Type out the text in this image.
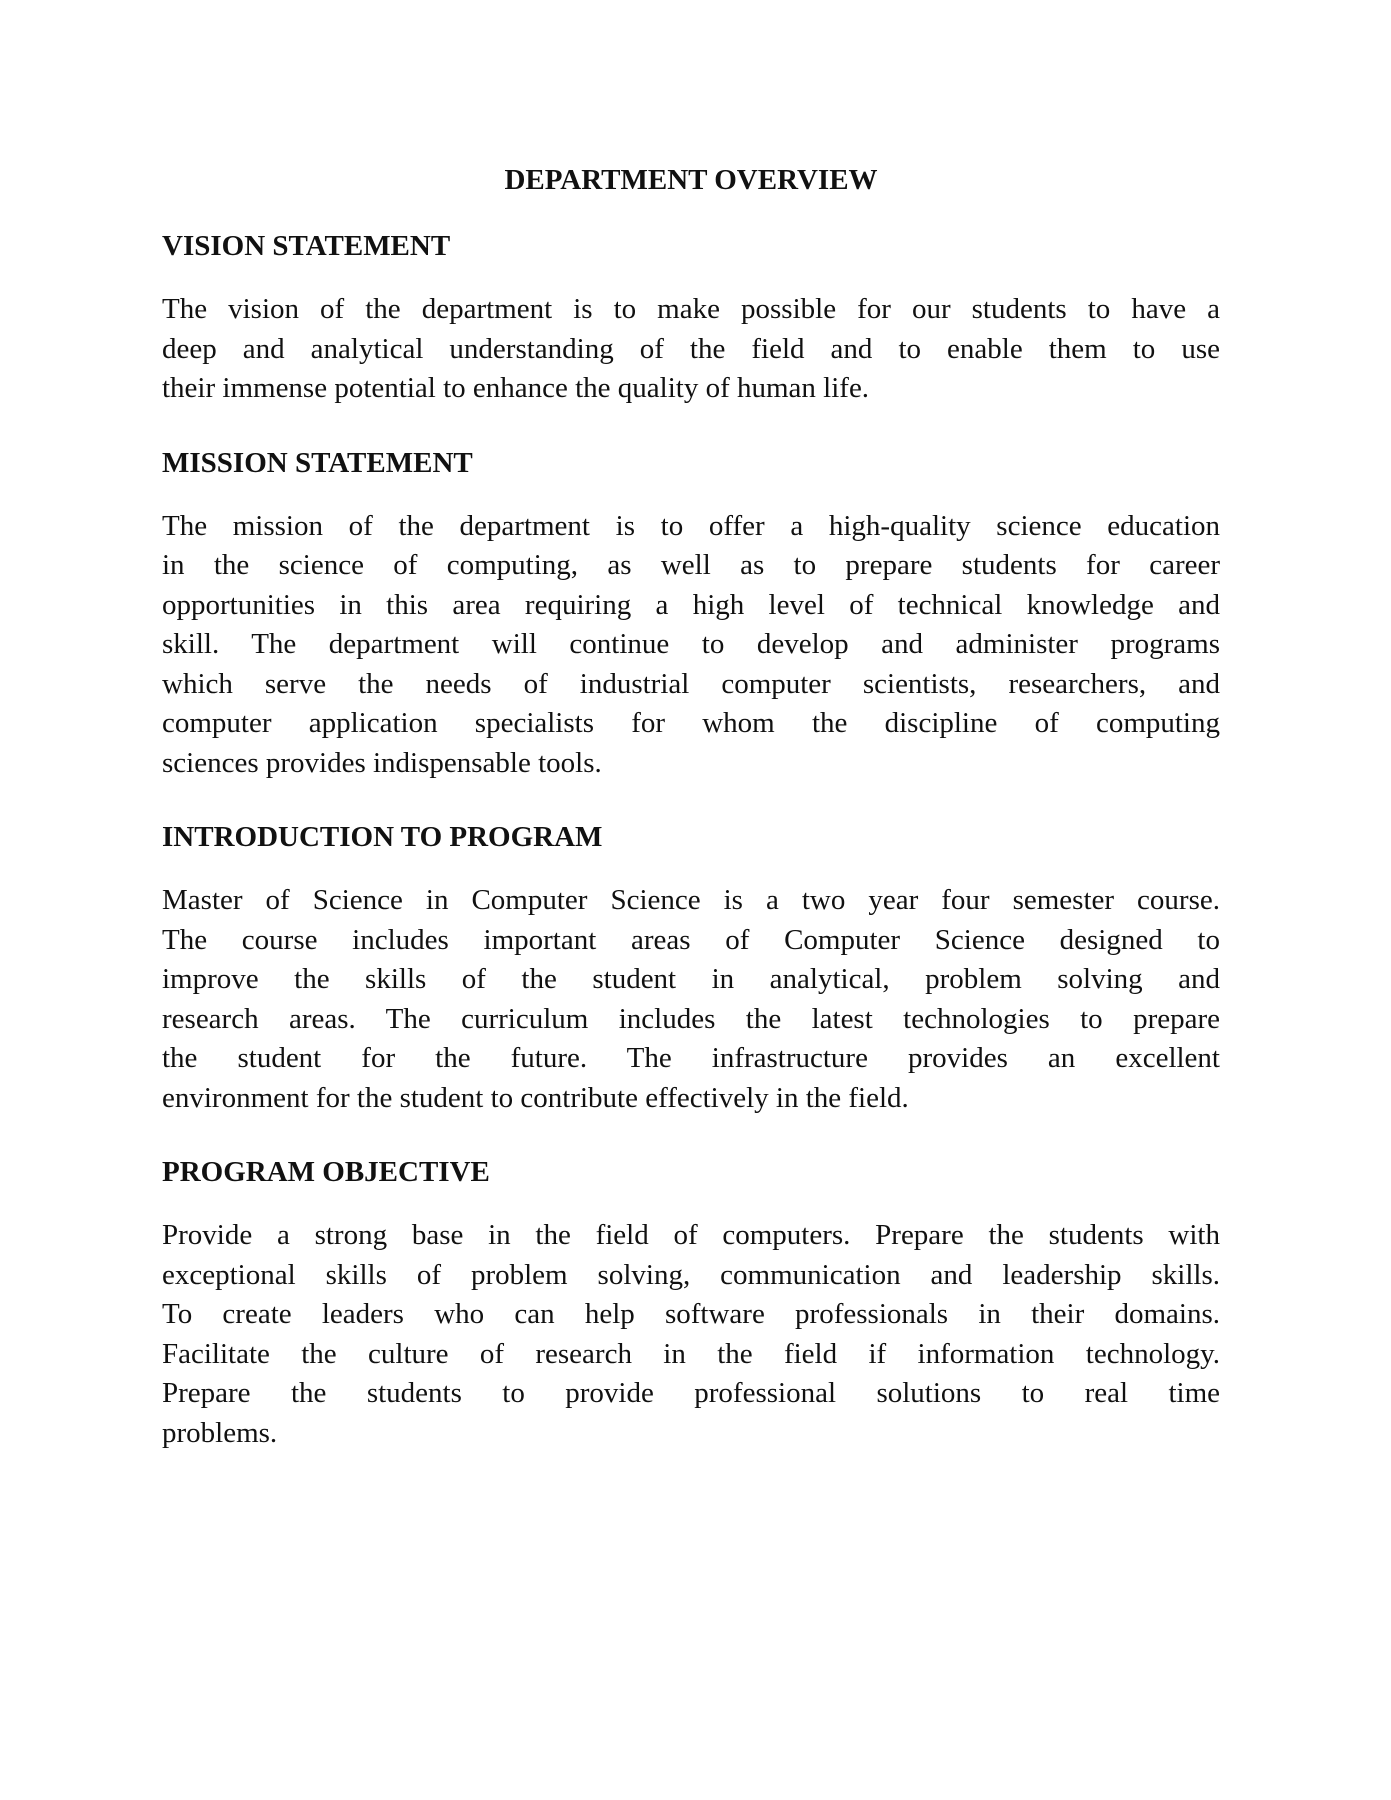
DEPARTMENT OVERVIEW
VISION STATEMENT

The vision of the department is to make possible for our students to have a
deep and analytical understanding of the field and to enable them to use
their immense potential to enhance the quality of human life.

MISSION STATEMENT

The mission of the department is to offer a high-quality science education
in the science of computing, as well as to prepare students for career
opportunities in this area requiring a high level of technical knowledge and
skill. The department will continue to develop and administer programs
which serve the needs of industrial computer scientists, researchers, and
computer application specialists for whom the discipline of computing
sciences provides indispensable tools.

INTRODUCTION TO PROGRAM

Master of Science in Computer Science is a two year four semester course.
The course includes important areas of Computer Science designed to
improve the skills of the student in analytical, problem solving and
research areas. The curriculum includes the latest technologies to prepare
the student for the future. The infrastructure provides an excellent
environment for the student to contribute effectively in the field.

PROGRAM OBJECTIVE

Provide a strong base in the field of computers. Prepare the students with
exceptional skills of problem solving, communication and leadership skills.
To create leaders who can help software professionals in their domains.
Facilitate the culture of research in the field if information technology.
Prepare the students to provide professional solutions to real time
problems.
